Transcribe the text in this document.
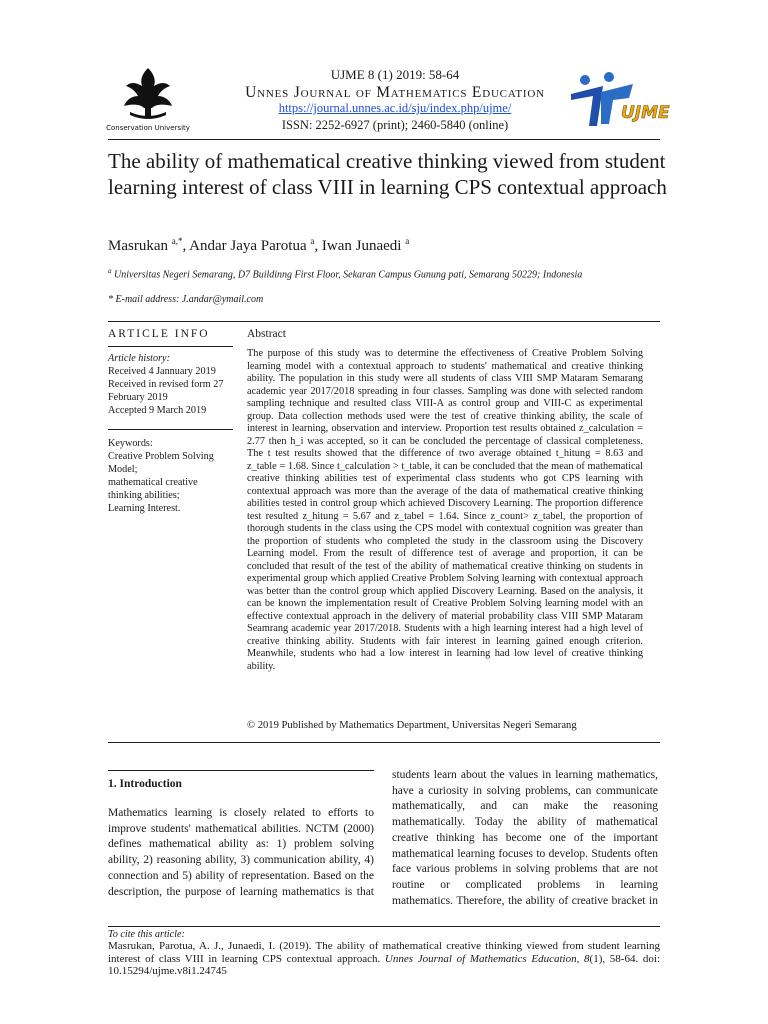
Conservation University
UJME
UJME 8 (1) 2019: 58-64
Unnes Journal of Mathematics Education
https://journal.unnes.ac.id/sju/index.php/ujme/
ISSN: 2252-6927 (print); 2460-5840 (online)
The ability of mathematical creative thinking viewed from student learning interest of class VIII in learning CPS contextual approach
Masrukan $^{a,*}$, Andar Jaya Parotua $^a$, Iwan Junaedi $^a$
$^a$ Universitas Negeri Semarang, D7 Buildinng First Floor, Sekaran Campus Gunung pati, Semarang 50229; Indonesia
* E-mail address: J.andar@ymail.com
ARTICLE INFO
Article history:
Received 4 Jannuary 2019
Received in revised form 27 February 2019
Accepted 9 March 2019
Keywords:
Creative Problem Solving Model;
mathematical creative thinking abilities;
Learning Interest.
Abstract
The purpose of this study was to determine the effectiveness of Creative Problem Solving learning model with a contextual approach to students' mathematical and creative thinking ability. The population in this study were all students of class VIII SMP Mataram Semarang academic year 2017/2018 spreading in four classes. Sampling was done with selected random sampling technique and resulted class VIII-A as control group and VIII-C as experimental group. Data collection methods used were the test of creative thinking ability, the scale of interest in learning, observation and interview. Proportion test results obtained z_calculation = 2.77 then h_i was accepted, so it can be concluded the percentage of classical completeness. The t test results showed that the difference of two average obtained t_hitung = 8.63 and z_table = 1.68. Since t_calculation > t_table, it can be concluded that the mean of mathematical creative thinking abilities test of experimental class students who got CPS learning with contextual approach was more than the average of the data of mathematical creative thinking abilities tested in control group which achieved Discovery Learning. The proportion difference test resulted z_hitung = 5.67 and z_tabel = 1.64. Since z_count> z_tabel, the proportion of thorough students in the class using the CPS model with contextual cognition was greater than the proportion of students who completed the study in the classroom using the Discovery Learning model. From the result of difference test of average and proportion, it can be concluded that result of the test of the ability of mathematical creative thinking on students in experimental group which applied Creative Problem Solving learning with contextual approach was better than the control group which applied Discovery Learning. Based on the analysis, it can be known the implementation result of Creative Problem Solving learning model with an effective contextual approach in the delivery of material probability class VIII SMP Mataram Seamrang academic year 2017/2018. Students with a high learning interest had a high level of creative thinking ability. Students with fair interest in learning gained enough criterion. Meanwhile, students who had a low interest in learning had low level of creative thinking ability.
© 2019 Published by Mathematics Department, Universitas Negeri Semarang
1. Introduction
Mathematics learning is closely related to efforts to improve students' mathematical abilities. NCTM (2000) defines mathematical ability as: 1) problem solving ability, 2) reasoning ability, 3) communication ability, 4) connection and 5) ability of representation. Based on the description, the purpose of learning mathematics is that
students learn about the values in learning mathematics, have a curiosity in solving problems, can communicate mathematically, and can make the reasoning mathematically. Today the ability of mathematical creative thinking has become one of the important mathematical learning focuses to develop. Students often face various problems in solving problems that are not routine or complicated problems in learning mathematics. Therefore, the ability of creative bracket in
To cite this article:
Masrukan, Parotua, A. J., Junaedi, I. (2019). The ability of mathematical creative thinking viewed from student learning interest of class VIII in learning CPS contextual approach. Unnes Journal of Mathematics Education, 8(1), 58-64. doi: 10.15294/ujme.v8i1.24745
